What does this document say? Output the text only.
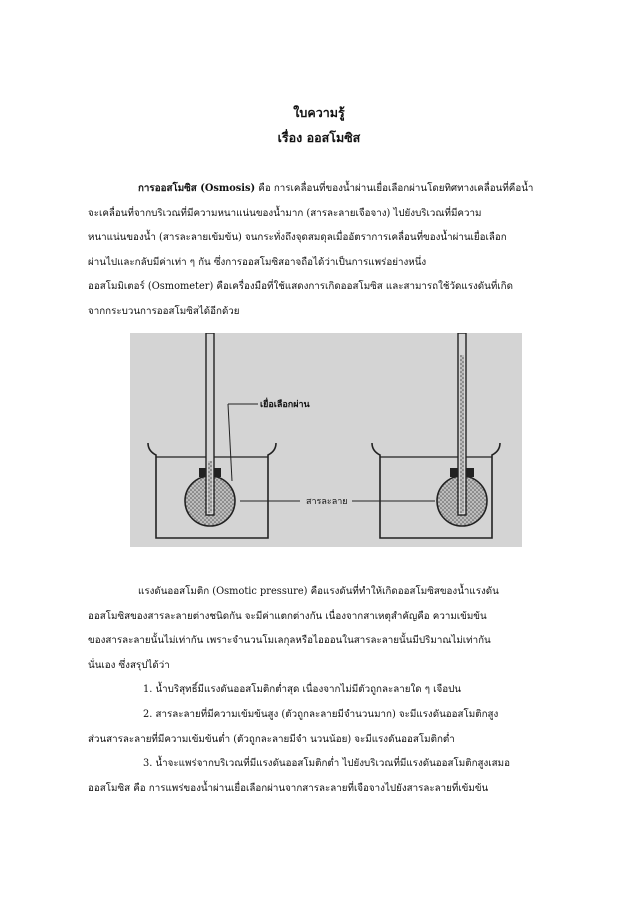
ใบความรู้
เรื่อง ออสโมซิส
การออสโมซิส (Osmosis) คือ การเคลื่อนที่ของน้ำผ่านเยื่อเลือกผ่านโดยทิศทางเคลื่อนที่คือน้ำ
จะเคลื่อนที่จากบริเวณที่มีความหนาแน่นของน้ำมาก (สารละลายเจือจาง) ไปยังบริเวณที่มีความ
หนาแน่นของน้ำ (สารละลายเข้มข้น) จนกระทั่งถึงจุดสมดุลเมื่ออัตราการเคลื่อนที่ของน้ำผ่านเยื่อเลือก
ผ่านไปและกลับมีค่าเท่า ๆ กัน ซึ่งการออสโมซิสอาจถือได้ว่าเป็นการแพร่อย่างหนึ่ง
ออสโมมิเตอร์ (Osmometer) คือเครื่องมือที่ใช้แสดงการเกิดออสโมซิส และสามารถใช้วัดแรงดันที่เกิด
จากกระบวนการออสโมซิสได้อีกด้วย
เยื่อเลือกผ่าน
สารละลาย
แรงดันออสโมติก (Osmotic pressure) คือแรงดันที่ทำให้เกิดออสโมซิสของน้ำแรงดัน
ออสโมซิสของสารละลายต่างชนิดกัน จะมีค่าแตกต่างกัน เนื่องจากสาเหตุสำคัญคือ ความเข้มข้น
ของสารละลายนั้นไม่เท่ากัน เพราะจำนวนโมเลกุลหรือไอออนในสารละลายนั้นมีปริมาณไม่เท่ากัน
นั่นเอง ซึ่งสรุปได้ว่า
1. น้ำบริสุทธิ์มีแรงดันออสโมติกต่ำสุด เนื่องจากไม่มีตัวถูกละลายใด ๆ เจือปน
2. สารละลายที่มีความเข้มข้นสูง (ตัวถูกละลายมีจำนวนมาก) จะมีแรงดันออสโมติกสูง
ส่วนสารละลายที่มีความเข้มข้นต่ำ (ตัวถูกละลายมีจำ นวนน้อย) จะมีแรงดันออสโมติกต่ำ
3. น้ำจะแพร่จากบริเวณที่มีแรงดันออสโมติกต่ำ ไปยังบริเวณที่มีแรงดันออสโมติกสูงเสมอ
ออสโมซิส คือ การแพร่ของน้ำผ่านเยื่อเลือกผ่านจากสารละลายที่เจือจางไปยังสารละลายที่เข้มข้น
